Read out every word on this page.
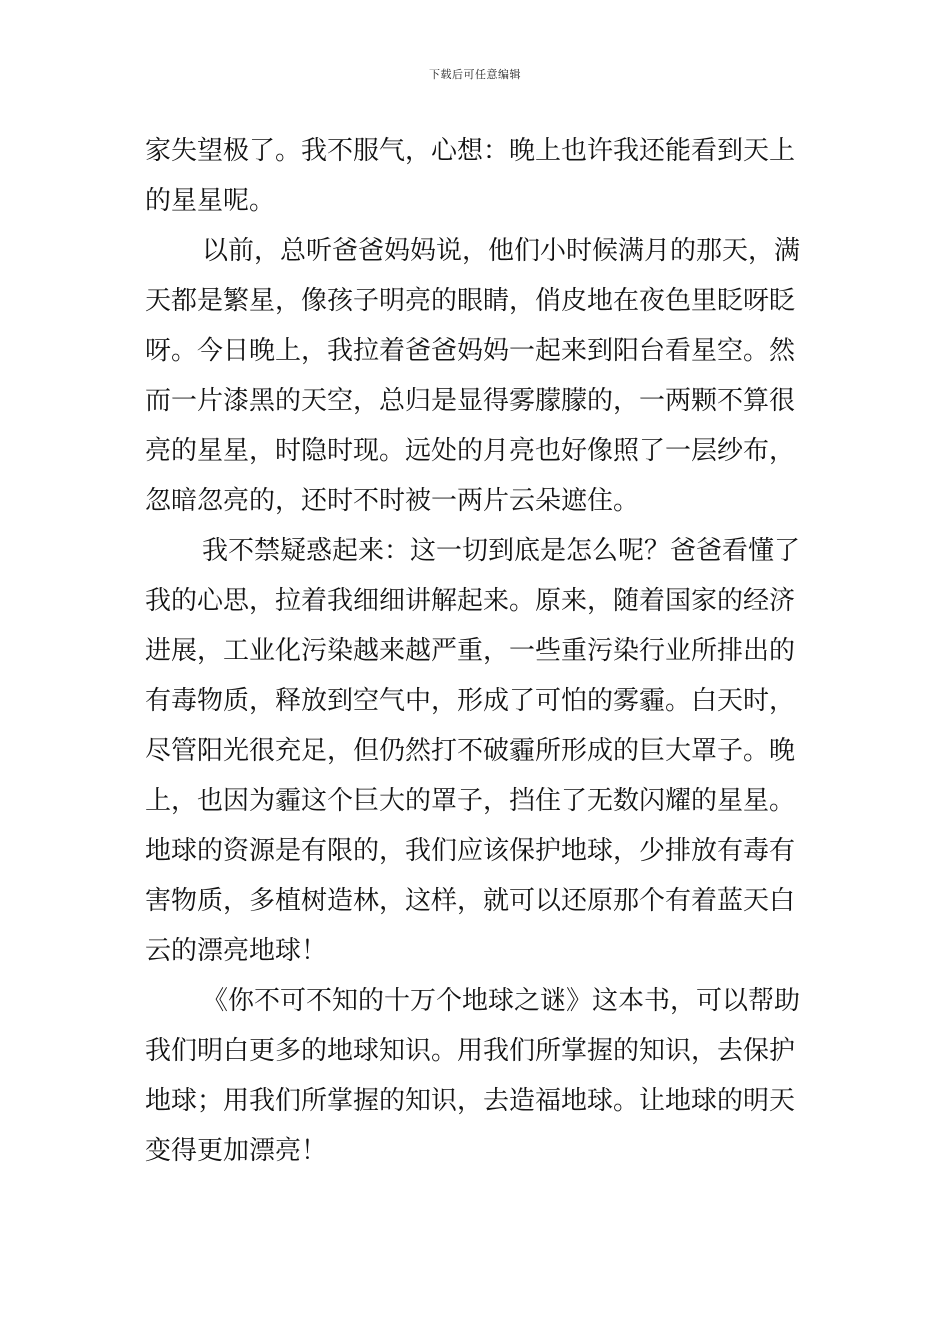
下载后可任意编辑
家失望极了。我不服气，心想：晚上也许我还能看到天上
的星星呢。
以前，总听爸爸妈妈说，他们小时候满月的那天，满
天都是繁星，像孩子明亮的眼睛，俏皮地在夜色里眨呀眨
呀。今日晚上，我拉着爸爸妈妈一起来到阳台看星空。然
而一片漆黑的天空，总归是显得雾朦朦的，一两颗不算很
亮的星星，时隐时现。远处的月亮也好像照了一层纱布，
忽暗忽亮的，还时不时被一两片云朵遮住。
我不禁疑惑起来：这一切到底是怎么呢？爸爸看懂了
我的心思，拉着我细细讲解起来。原来，随着国家的经济
进展，工业化污染越来越严重，一些重污染行业所排出的
有毒物质，释放到空气中，形成了可怕的雾霾。白天时，
尽管阳光很充足，但仍然打不破霾所形成的巨大罩子。晚
上，也因为霾这个巨大的罩子，挡住了无数闪耀的星星。
地球的资源是有限的，我们应该保护地球，少排放有毒有
害物质，多植树造林，这样，就可以还原那个有着蓝天白
云的漂亮地球！
《你不可不知的十万个地球之谜》这本书，可以帮助
我们明白更多的地球知识。用我们所掌握的知识，去保护
地球；用我们所掌握的知识，去造福地球。让地球的明天
变得更加漂亮！
